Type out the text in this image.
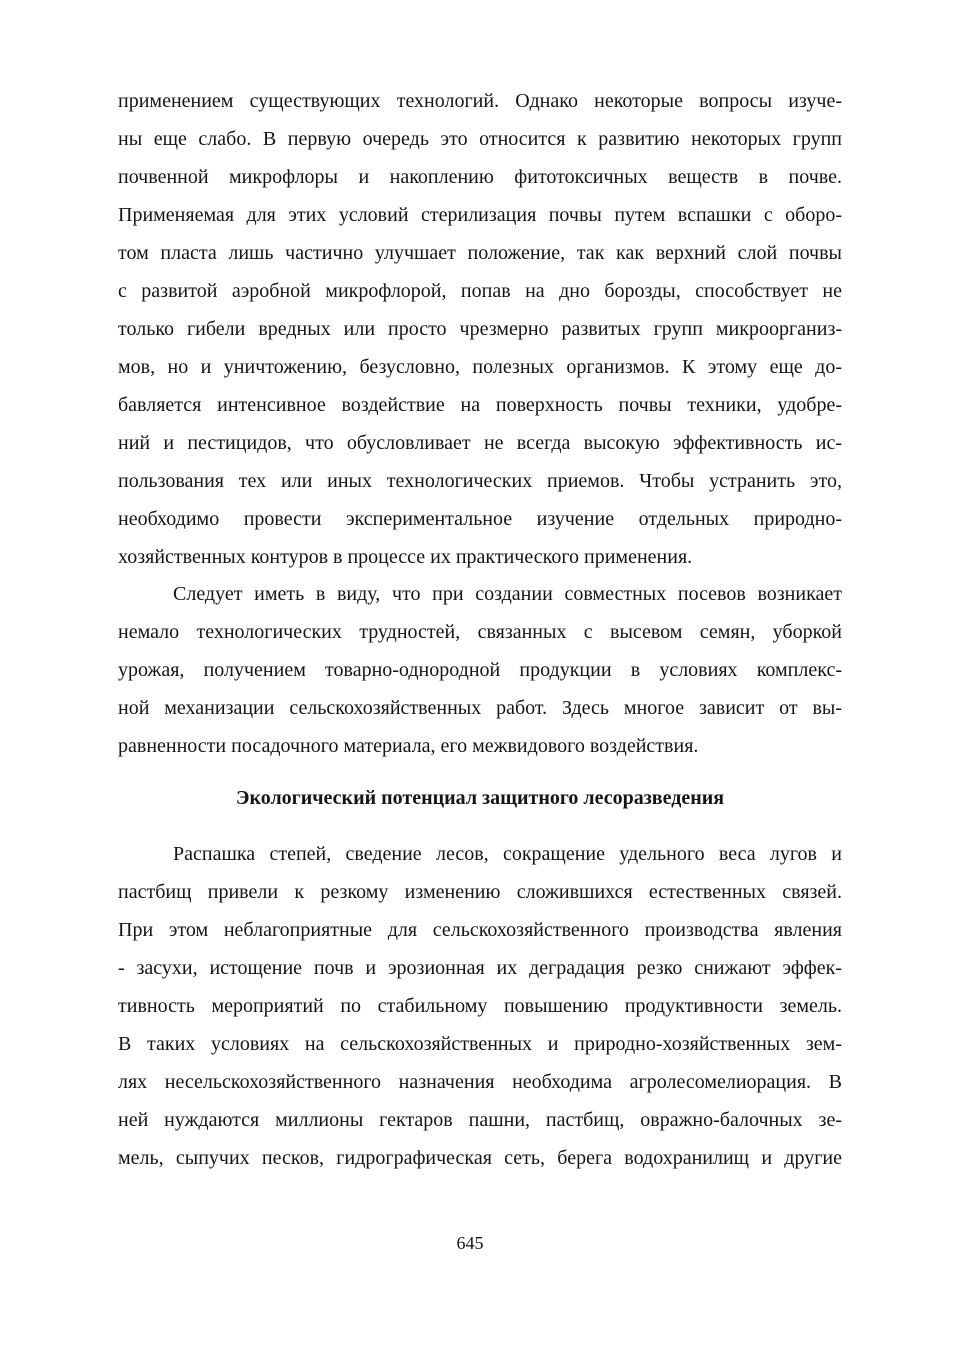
применением существующих технологий. Однако некоторые вопросы изуче-
ны еще слабо. В первую очередь это относится к развитию некоторых групп
почвенной микрофлоры и накоплению фитотоксичных веществ в почве.
Применяемая для этих условий стерилизация почвы путем вспашки с оборо-
том пласта лишь частично улучшает положение, так как верхний слой почвы
с развитой аэробной микрофлорой, попав на дно борозды, способствует не
только гибели вредных или просто чрезмерно развитых групп микроорганиз-
мов, но и уничтожению, безусловно, полезных организмов. К этому еще до-
бавляется интенсивное воздействие на поверхность почвы техники, удобре-
ний и пестицидов, что обусловливает не всегда высокую эффективность ис-
пользования тех или иных технологических приемов. Чтобы устранить это,
необходимо провести экспериментальное изучение отдельных природно-
хозяйственных контуров в процессе их практического применения.
Следует иметь в виду, что при создании совместных посевов возникает
немало технологических трудностей, связанных с высевом семян, уборкой
урожая, получением товарно-однородной продукции в условиях комплекс-
ной механизации сельскохозяйственных работ. Здесь многое зависит от вы-
равненности посадочного материала, его межвидового воздействия.
Экологический потенциал защитного лесоразведения
Распашка степей, сведение лесов, сокращение удельного веса лугов и
пастбищ привели к резкому изменению сложившихся естественных связей.
При этом неблагоприятные для сельскохозяйственного производства явления
- засухи, истощение почв и эрозионная их деградация резко снижают эффек-
тивность мероприятий по стабильному повышению продуктивности земель.
В таких условиях на сельскохозяйственных и природно-хозяйственных зем-
лях несельскохозяйственного назначения необходима агролесомелиорация. В
ней нуждаются миллионы гектаров пашни, пастбищ, овражно-балочных зе-
мель, сыпучих песков, гидрографическая сеть, берега водохранилищ и другие
645
